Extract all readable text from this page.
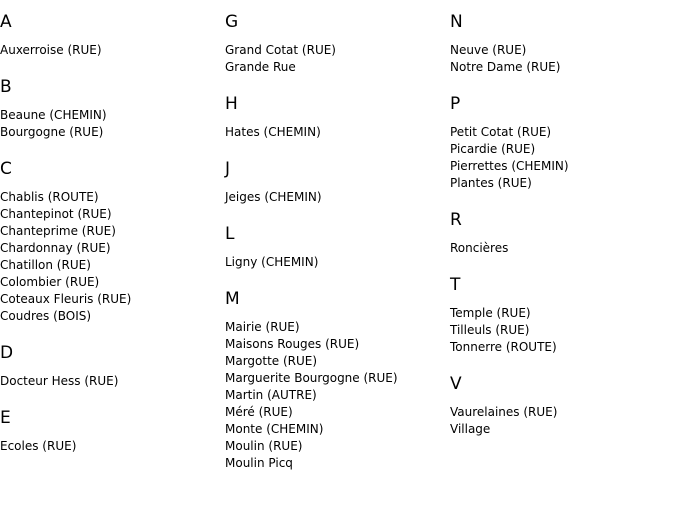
A
Auxerroise (RUE)
B
Beaune (CHEMIN)
Bourgogne (RUE)
C
Chablis (ROUTE)
Chantepinot (RUE)
Chanteprime (RUE)
Chardonnay (RUE)
Chatillon (RUE)
Colombier (RUE)
Coteaux Fleuris (RUE)
Coudres (BOIS)
D
Docteur Hess (RUE)
E
Ecoles (RUE)
G
Grand Cotat (RUE)
Grande Rue
H
Hates (CHEMIN)
J
Jeiges (CHEMIN)
L
Ligny (CHEMIN)
M
Mairie (RUE)
Maisons Rouges (RUE)
Margotte (RUE)
Marguerite Bourgogne (RUE)
Martin (AUTRE)
Méré (RUE)
Monte (CHEMIN)
Moulin (RUE)
Moulin Picq
N
Neuve (RUE)
Notre Dame (RUE)
P
Petit Cotat (RUE)
Picardie (RUE)
Pierrettes (CHEMIN)
Plantes (RUE)
R
Roncières
T
Temple (RUE)
Tilleuls (RUE)
Tonnerre (ROUTE)
V
Vaurelaines (RUE)
Village
